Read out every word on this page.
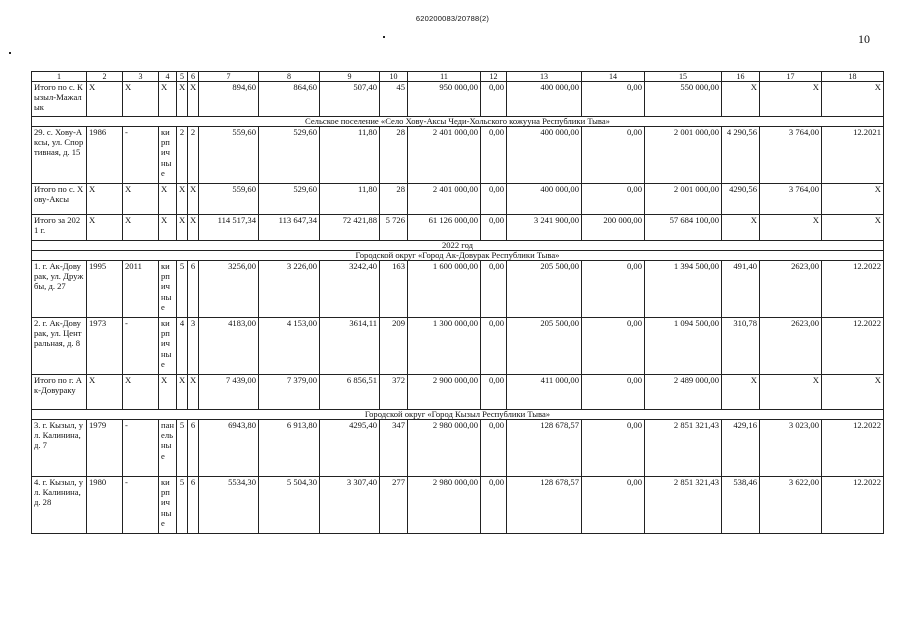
620200083/20788(2)
10
1	2	3	4	5	6	7	8	9	10	11	12	13	14	15	16	17	18
Итого по с. Кызыл-Мажалык	Х	Х	Х	Х	Х	894,60	864,60	507,40	45	950 000,00	0,00	400 000,00	0,00	550 000,00	Х	Х	Х
Сельское поселение «Село Хову-Аксы Чеди-Хольского кожууна Республики Тыва»																	
29. с. Хову-Аксы, ул. Спортивная, д. 15	1986	-	кирпичные	2	2	559,60	529,60	11,80	28	2 401 000,00	0,00	400 000,00	0,00	2 001 000,00	4 290,56	3 764,00	12.2021
Итого по с. Хову-Аксы	Х	Х	Х	Х	Х	559,60	529,60	11,80	28	2 401 000,00	0,00	400 000,00	0,00	2 001 000,00	4290,56	3 764,00	Х
Итого за 2021 г.	Х	Х	Х	Х	Х	114 517,34	113 647,34	72 421,88	5 726	61 126 000,00	0,00	3 241 900,00	200 000,00	57 684 100,00	Х	Х	Х
2022 год																	
Городской округ «Город Ак-Довурак Республики Тыва»																	
1. г. Ак-Довурак, ул. Дружбы, д. 27	1995	2011	кирпичные	5	6	3256,00	3 226,00	3242,40	163	1 600 000,00	0,00	205 500,00	0,00	1 394 500,00	491,40	2623,00	12.2022
2. г. Ак-Довурак, ул. Центральная, д. 8	1973	-	кирпичные	4	3	4183,00	4 153,00	3614,11	209	1 300 000,00	0,00	205 500,00	0,00	1 094 500,00	310,78	2623,00	12.2022
Итого по г. Ак-Довураку	Х	Х	Х	Х	Х	7 439,00	7 379,00	6 856,51	372	2 900 000,00	0,00	411 000,00	0,00	2 489 000,00	Х	Х	Х
Городской округ «Город Кызыл Республики Тыва»																	
3. г. Кызыл, ул. Калинина, д. 7	1979	-	панельные	5	6	6943,80	6 913,80	4295,40	347	2 980 000,00	0,00	128 678,57	0,00	2 851 321,43	429,16	3 023,00	12.2022
4. г. Кызыл, ул. Калинина, д. 28	1980	-	кирпичные	5	6	5534,30	5 504,30	3 307,40	277	2 980 000,00	0,00	128 678,57	0,00	2 851 321,43	538,46	3 622,00	12.2022
